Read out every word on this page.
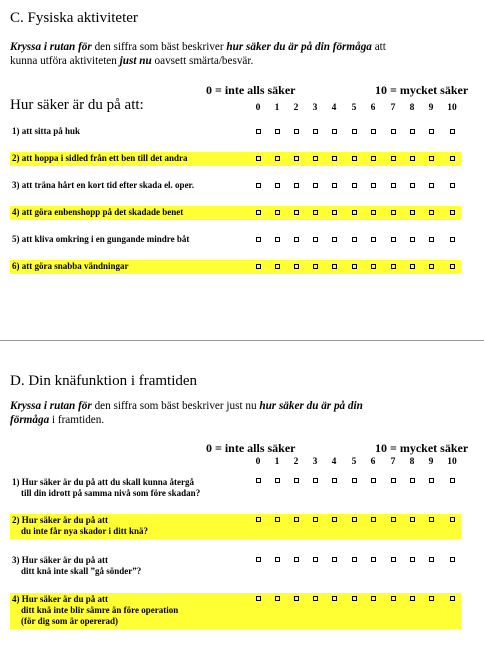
C. Fysiska aktiviteter
Kryssa i rutan för den siffra som bäst beskriver hur säker du är på din förmåga att
kunna utföra aktiviteten just nu oavsett smärta/besvär.
0 = inte alls säker	10 = mycket säker
Hur säker är du på att:	0 1 2 3 4 5 6 7 8 9 10
1) att sitta på huk
2) att hoppa i sidled från ett ben till det andra
3) att träna hårt en kort tid efter skada el. oper.
4) att göra enbenshopp på det skadade benet
5) att kliva omkring i en gungande mindre båt
6) att göra snabba vändningar
D. Din knäfunktion i framtiden
Kryssa i rutan för den siffra som bäst beskriver just nu hur säker du är på din
förmåga i framtiden.
0 = inte alls säker	10 = mycket säker
0 1 2 3 4 5 6 7 8 9 10
1) Hur säker är du på att du skall kunna återgå
till din idrott på samma nivå som före skadan?
2) Hur säker är du på att
du inte får nya skador i ditt knä?
3) Hur säker är du på att
ditt knä inte skall ”gå sönder”?
4) Hur säker är du på att
ditt knä inte blir sämre än före operation
(för dig som är opererad)
